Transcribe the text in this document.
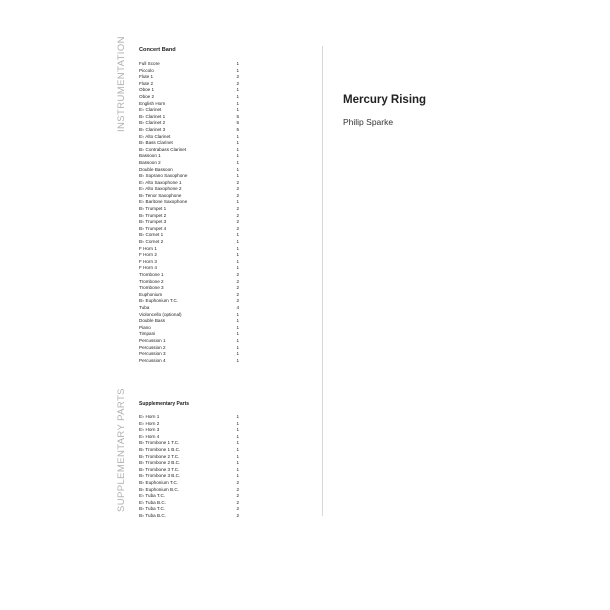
INSTRUMENTATION
SUPPLEMENTARY PARTS
Concert Band
Full Score	1
Piccolo	1
Flute 1	2
Flute 2	2
Oboe 1	1
Oboe 2	1
English Horn	1
E♭ Clarinet	1
B♭ Clarinet 1	5
B♭ Clarinet 2	5
B♭ Clarinet 3	5
E♭ Alto Clarinet	1
B♭ Bass Clarinet	1
B♭ Contrabass Clarinet	1
Bassoon 1	1
Bassoon 2	1
Double Bassoon	1
B♭ Soprano Saxophone	1
E♭ Alto Saxophone 1	2
E♭ Alto Saxophone 2	2
B♭ Tenor Saxophone	2
E♭ Baritone Saxophone	1
B♭ Trumpet 1	2
B♭ Trumpet 2	2
B♭ Trumpet 3	2
B♭ Trumpet 4	2
B♭ Cornet 1	1
B♭ Cornet 2	1
F Horn 1	1
F Horn 2	1
F Horn 3	1
F Horn 4	1
Trombone 1	2
Trombone 2	2
Trombone 3	2
Euphonium	2
B♭ Euphonium T.C.	2
Tuba	4
Violoncello (optional)	1
Double Bass	1
Piano	1
Timpani	1
Percussion 1	1
Percussion 2	1
Percussion 3	1
Percussion 4	1
Supplementary Parts
E♭ Horn 1	1
E♭ Horn 2	1
E♭ Horn 3	1
E♭ Horn 4	1
B♭ Trombone 1 T.C.	1
B♭ Trombone 1 B.C.	1
B♭ Trombone 2 T.C.	1
B♭ Trombone 2 B.C.	1
B♭ Trombone 3 T.C.	1
B♭ Trombone 3 B.C.	1
B♭ Euphonium T.C.	2
B♭ Euphonium B.C.	2
E♭ Tuba T.C.	2
E♭ Tuba B.C.	2
B♭ Tuba T.C.	2
B♭ Tuba B.C.	2
Mercury Rising
Philip Sparke
